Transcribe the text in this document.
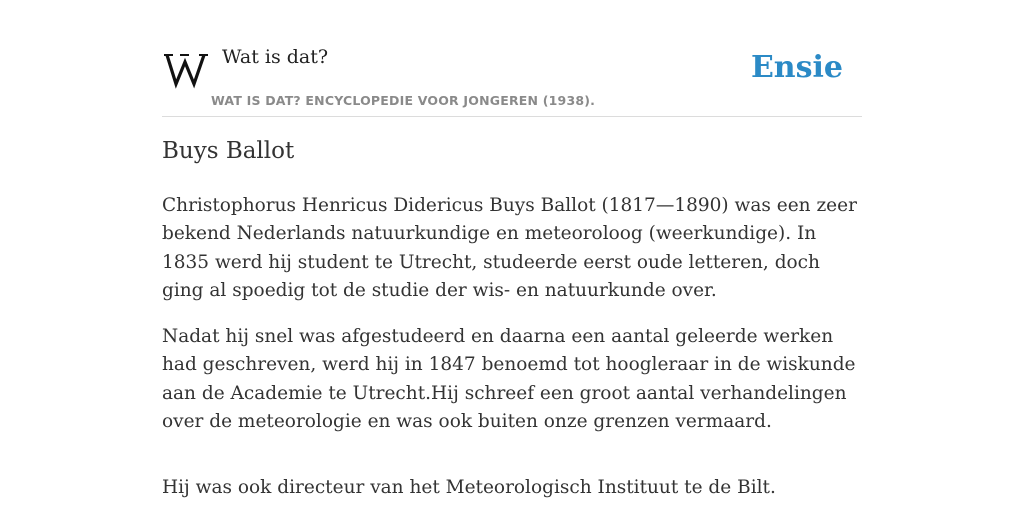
Wat is dat?
WAT IS DAT? ENCYCLOPEDIE VOOR JONGEREN (1938).
Ensie
Buys Ballot

Christophorus Henricus Didericus Buys Ballot (1817—1890) was een zeer bekend Nederlands natuurkundige en meteoroloog (weerkundige). In 1835 werd hij student te Utrecht, studeerde eerst oude letteren, doch ging al spoedig tot de studie der wis- en natuurkunde over.

Nadat hij snel was afgestudeerd en daarna een aantal geleerde werken had geschreven, werd hij in 1847 benoemd tot hoogleraar in de wiskunde aan de Academie te Utrecht.Hij schreef een groot aantal verhandelingen over de meteorologie en was ook buiten onze grenzen vermaard.

Hij was ook directeur van het Meteorologisch Instituut te de Bilt.
